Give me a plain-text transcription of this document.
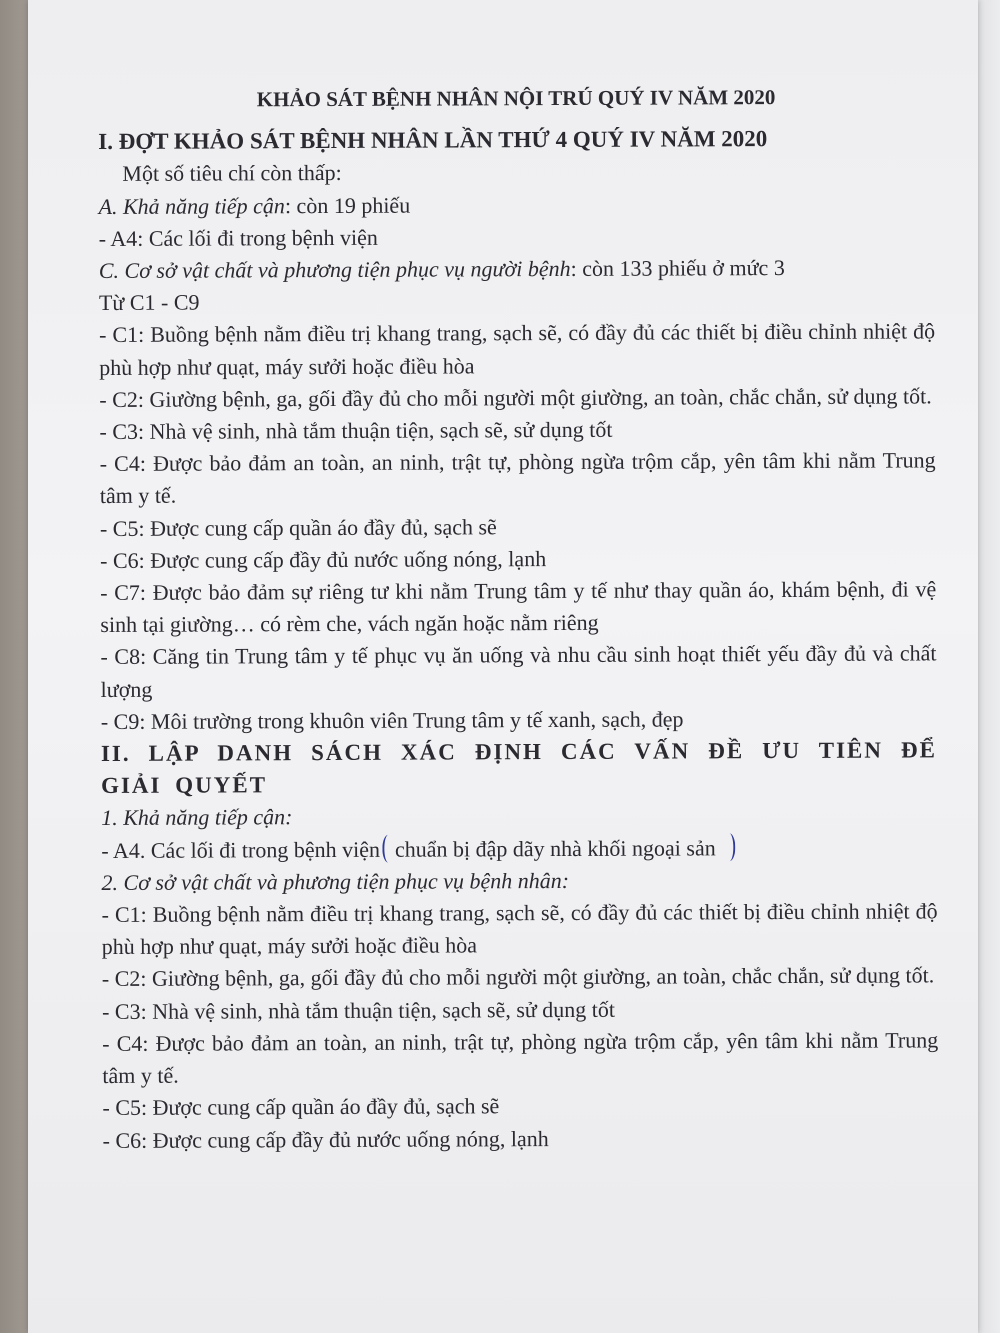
KHẢO SÁT BỆNH NHÂN NỘI TRÚ QUÝ IV NĂM 2020

I. ĐỢT KHẢO SÁT BỆNH NHÂN LẦN THỨ 4 QUÝ IV NĂM 2020

Một số tiêu chí còn thấp:

A. Khả năng tiếp cận: còn 19 phiếu

- A4: Các lối đi trong bệnh viện

C. Cơ sở vật chất và phương tiện phục vụ người bệnh: còn 133 phiếu ở mức 3

Từ C1 - C9

- C1: Buồng bệnh nằm điều trị khang trang, sạch sẽ, có đầy đủ các thiết bị điều chỉnh nhiệt độ phù hợp như quạt, máy sưởi hoặc điều hòa

- C2: Giường bệnh, ga, gối đầy đủ cho mỗi người một giường, an toàn, chắc chắn, sử dụng tốt.

- C3: Nhà vệ sinh, nhà tắm thuận tiện, sạch sẽ, sử dụng tốt

- C4: Được bảo đảm an toàn, an ninh, trật tự, phòng ngừa trộm cắp, yên tâm khi nằm Trung tâm y tế.

- C5: Được cung cấp quần áo đầy đủ, sạch sẽ

- C6: Được cung cấp đầy đủ nước uống nóng, lạnh

- C7: Được bảo đảm sự riêng tư khi nằm Trung tâm y tế như thay quần áo, khám bệnh, đi vệ sinh tại giường… có rèm che, vách ngăn hoặc nằm riêng

- C8: Căng tin Trung tâm y tế phục vụ ăn uống và nhu cầu sinh hoạt thiết yếu đầy đủ và chất lượng

- C9: Môi trường trong khuôn viên Trung tâm y tế xanh, sạch, đẹp

II. LẬP DANH SÁCH XÁC ĐỊNH CÁC VẤN ĐỀ ƯU TIÊN ĐỂ GIẢI QUYẾT

1. Khả năng tiếp cận:

- A4. Các lối đi trong bệnh viện chuẩn bị đập dãy nhà khối ngoại sản

2. Cơ sở vật chất và phương tiện phục vụ bệnh nhân:

- C1: Buồng bệnh nằm điều trị khang trang, sạch sẽ, có đầy đủ các thiết bị điều chỉnh nhiệt độ phù hợp như quạt, máy sưởi hoặc điều hòa

- C2: Giường bệnh, ga, gối đầy đủ cho mỗi người một giường, an toàn, chắc chắn, sử dụng tốt.

- C3: Nhà vệ sinh, nhà tắm thuận tiện, sạch sẽ, sử dụng tốt

- C4: Được bảo đảm an toàn, an ninh, trật tự, phòng ngừa trộm cắp, yên tâm khi nằm Trung tâm y tế.

- C5: Được cung cấp quần áo đầy đủ, sạch sẽ

- C6: Được cung cấp đầy đủ nước uống nóng, lạnh
